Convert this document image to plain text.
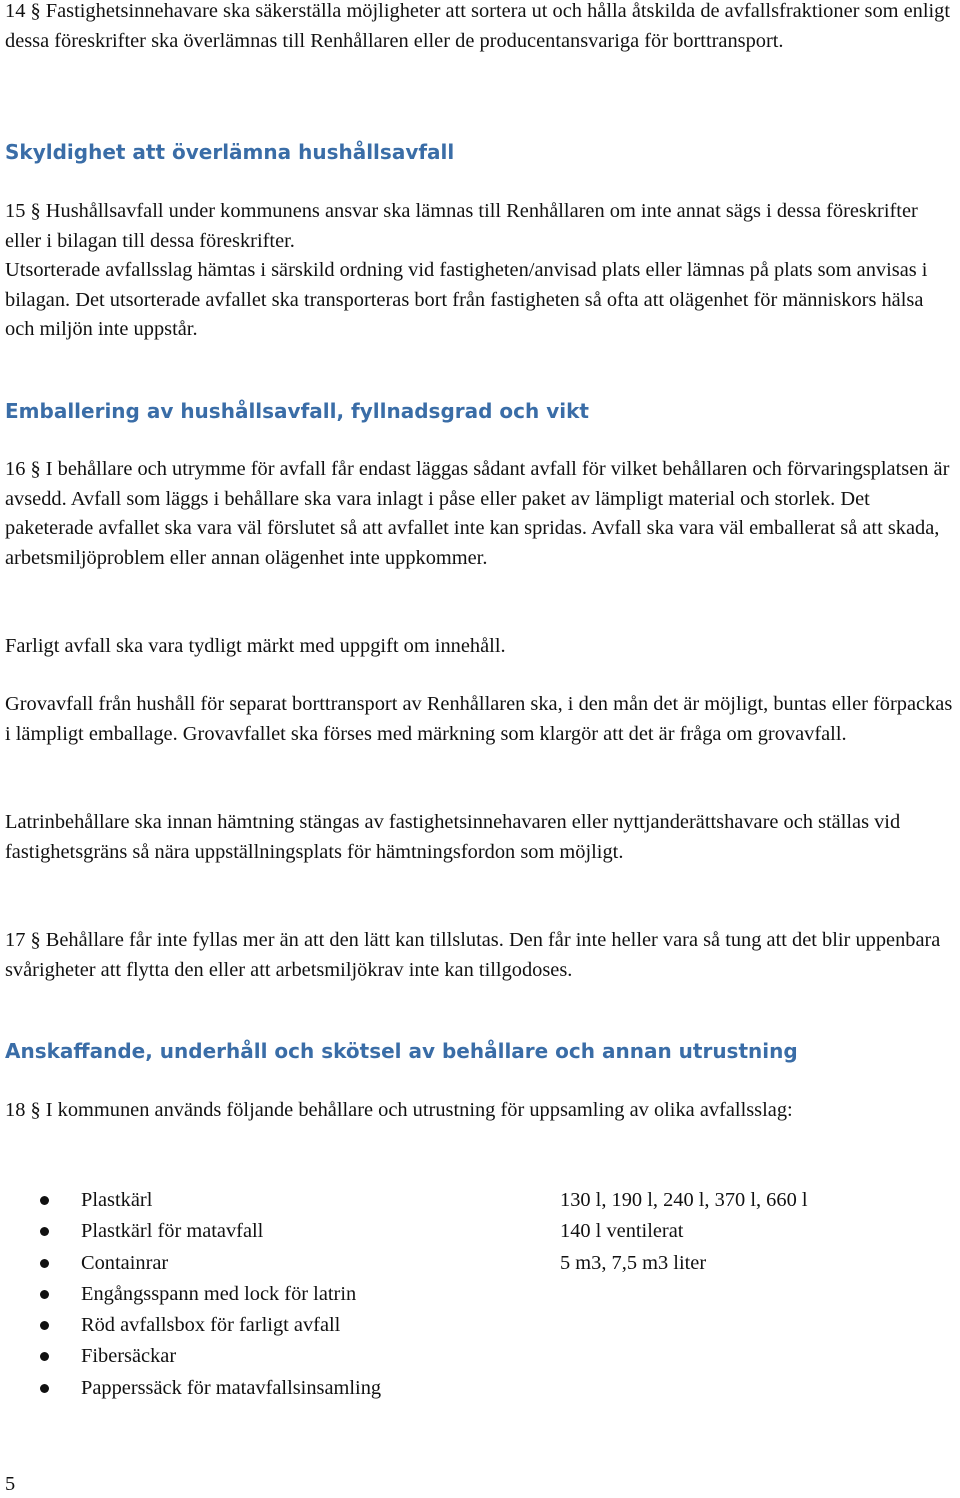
14 § Fastighetsinnehavare ska säkerställa möjligheter att sortera ut och hålla åtskilda de avfallsfraktioner som enligt dessa föreskrifter ska överlämnas till Renhållaren eller de producentansvariga för borttransport.

Skyldighet att överlämna hushållsavfall

15 § Hushållsavfall under kommunens ansvar ska lämnas till Renhållaren om inte annat sägs i dessa föreskrifter eller i bilagan till dessa föreskrifter.

Utsorterade avfallsslag hämtas i särskild ordning vid fastigheten/anvisad plats eller lämnas på plats som anvisas i bilagan. Det utsorterade avfallet ska transporteras bort från fastigheten så ofta att olägenhet för människors hälsa och miljön inte uppstår.

Emballering av hushållsavfall, fyllnadsgrad och vikt

16 § I behållare och utrymme för avfall får endast läggas sådant avfall för vilket behållaren och förvaringsplatsen är avsedd. Avfall som läggs i behållare ska vara inlagt i påse eller paket av lämpligt material och storlek. Det paketerade avfallet ska vara väl förslutet så att avfallet inte kan spridas. Avfall ska vara väl emballerat så att skada, arbetsmiljöproblem eller annan olägenhet inte uppkommer.

Farligt avfall ska vara tydligt märkt med uppgift om innehåll.

Grovavfall från hushåll för separat borttransport av Renhållaren ska, i den mån det är möjligt, buntas eller förpackas i lämpligt emballage. Grovavfallet ska förses med märkning som klargör att det är fråga om grovavfall.

Latrinbehållare ska innan hämtning stängas av fastighetsinnehavaren eller nyttjanderättshavare och ställas vid fastighetsgräns så nära uppställningsplats för hämtningsfordon som möjligt.

17 § Behållare får inte fyllas mer än att den lätt kan tillslutas. Den får inte heller vara så tung att det blir uppenbara svårigheter att flytta den eller att arbetsmiljökrav inte kan tillgodoses.

Anskaffande, underhåll och skötsel av behållare och annan utrustning

18 § I kommunen används följande behållare och utrustning för uppsamling av olika avfallsslag:

Plastkärl	130 l, 190 l, 240 l, 370 l, 660 l
Plastkärl för matavfall	140 l ventilerat
Containrar	5 m3, 7,5 m3 liter
Engångsspann med lock för latrin
Röd avfallsbox för farligt avfall
Fibersäckar
Papperssäck för matavfallsinsamling
5
